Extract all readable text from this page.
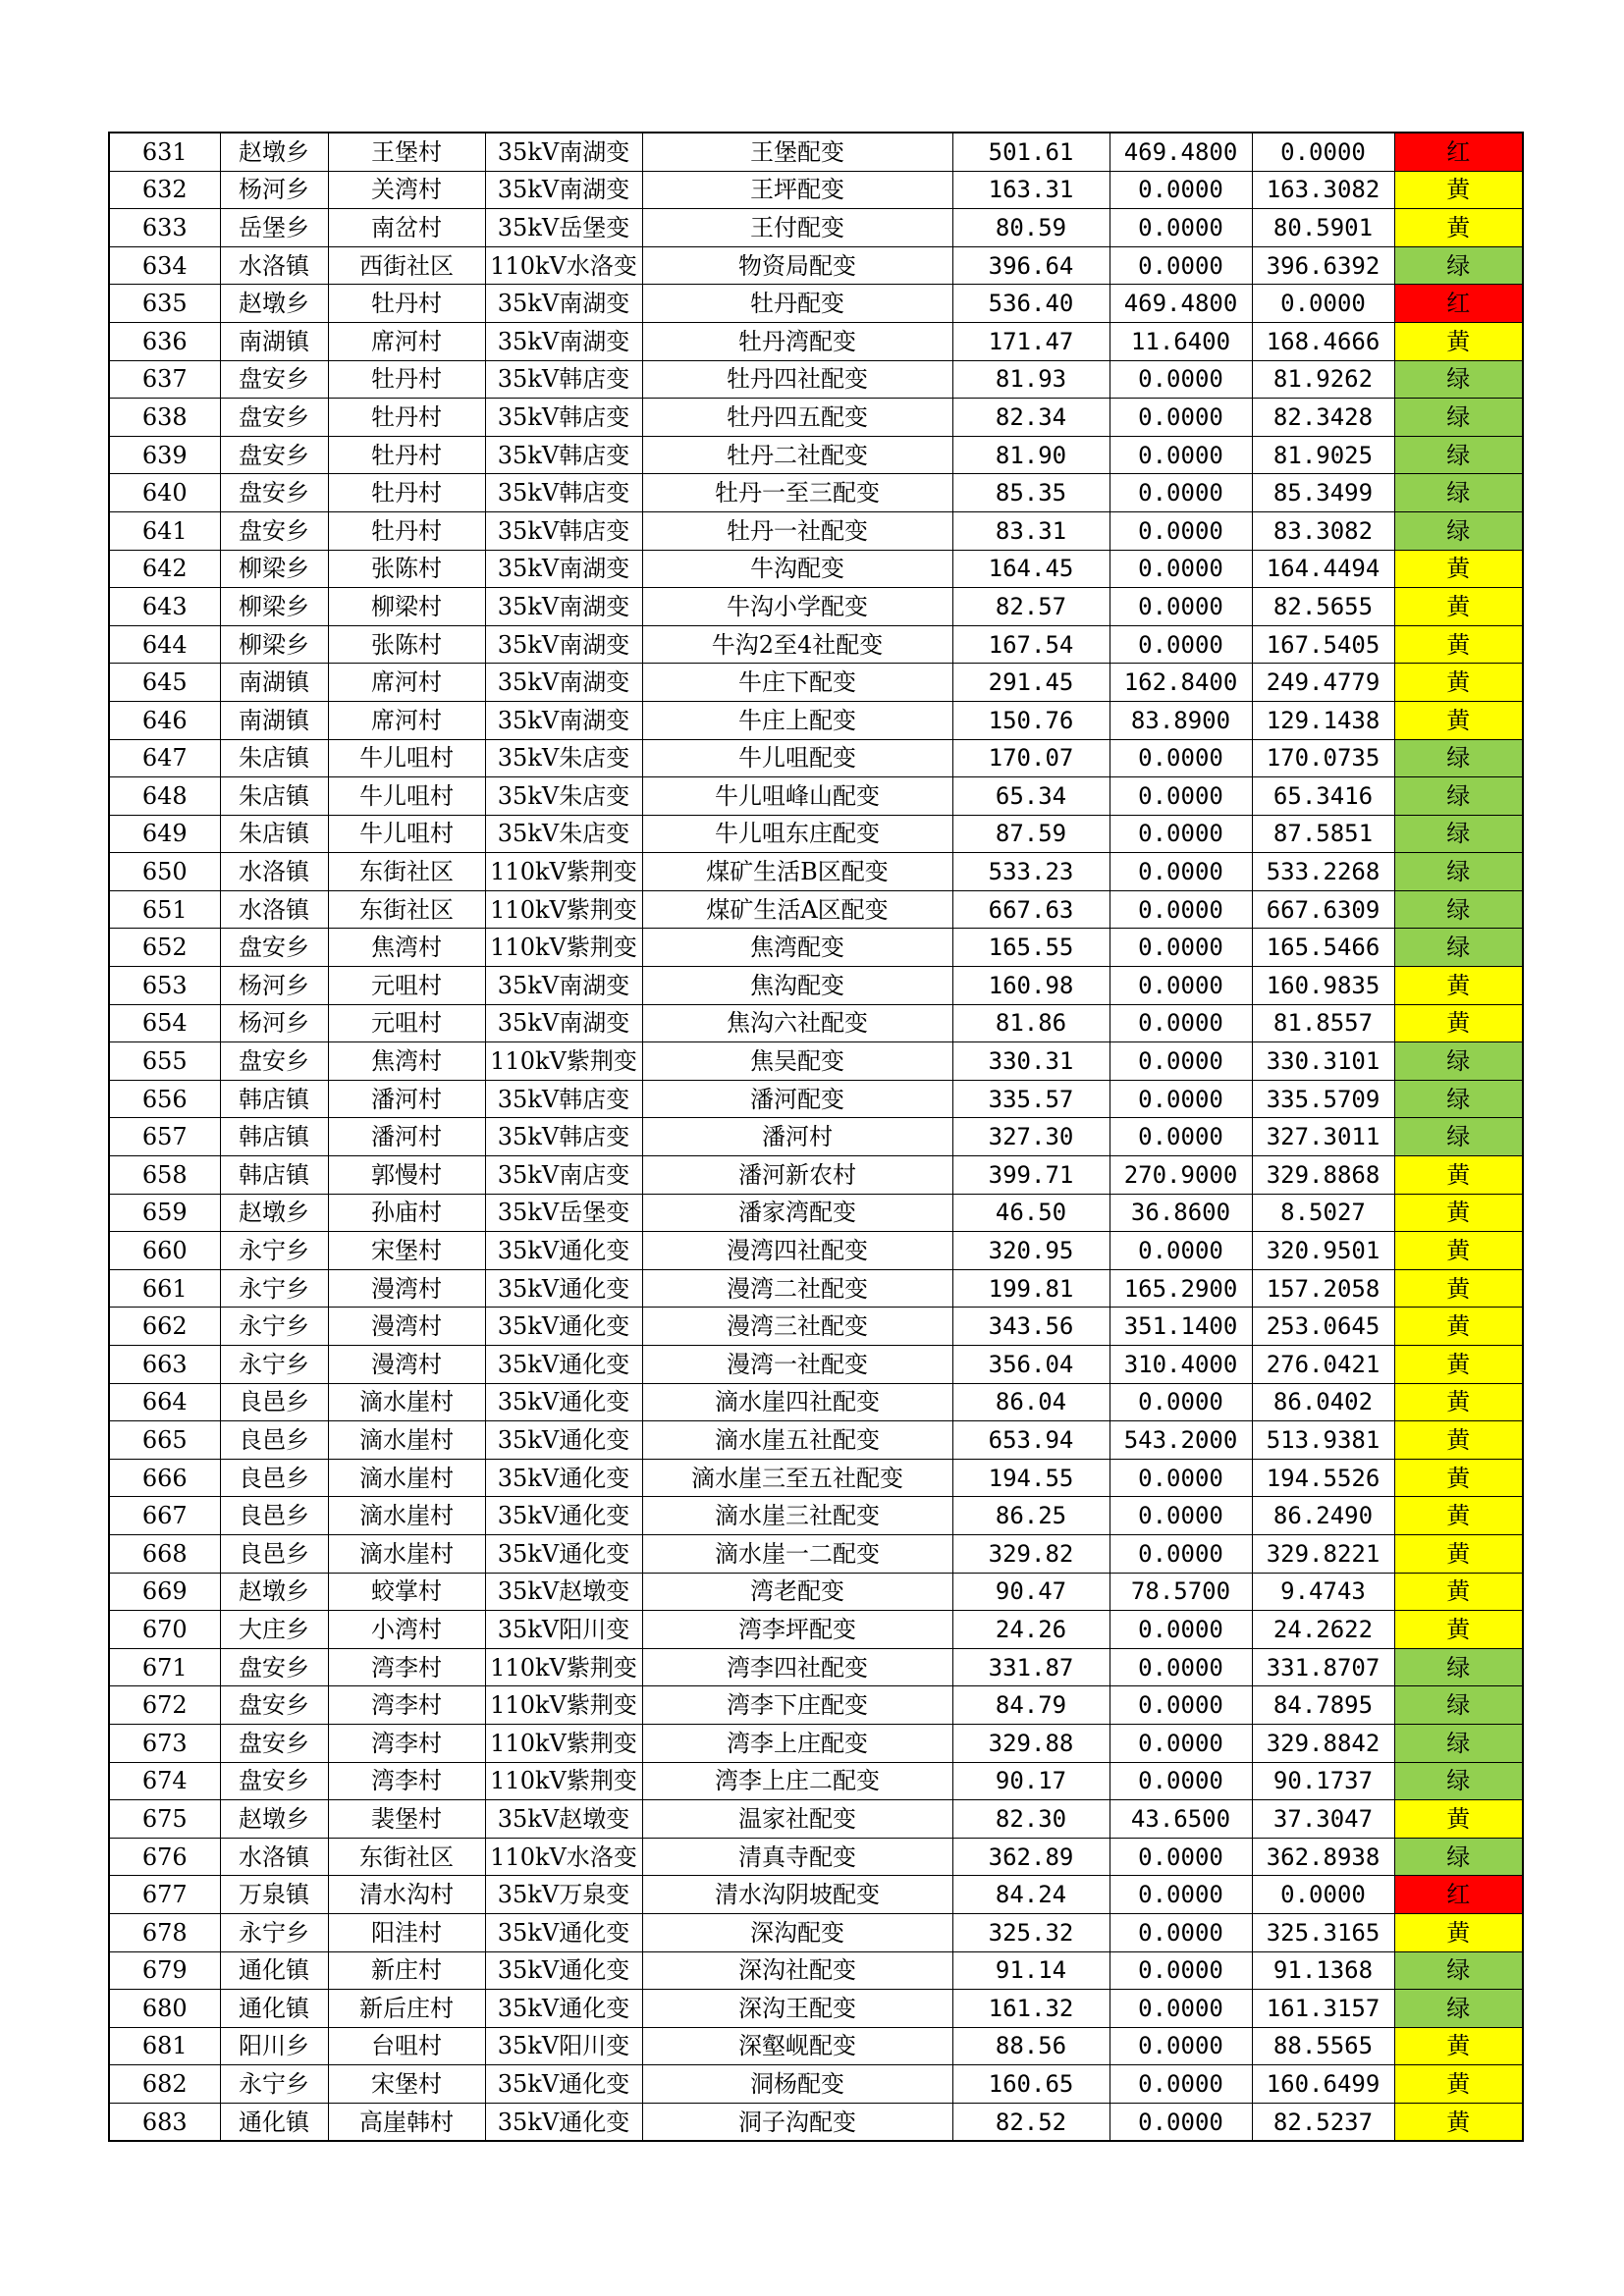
631	赵墩乡	王堡村	35kV南湖变	王堡配变	501.61	469.4800	0.0000	红
632	杨河乡	关湾村	35kV南湖变	王坪配变	163.31	0.0000	163.3082	黄
633	岳堡乡	南岔村	35kV岳堡变	王付配变	80.59	0.0000	80.5901	黄
634	水洛镇	西街社区	110kV水洛变	物资局配变	396.64	0.0000	396.6392	绿
635	赵墩乡	牡丹村	35kV南湖变	牡丹配变	536.40	469.4800	0.0000	红
636	南湖镇	席河村	35kV南湖变	牡丹湾配变	171.47	11.6400	168.4666	黄
637	盘安乡	牡丹村	35kV韩店变	牡丹四社配变	81.93	0.0000	81.9262	绿
638	盘安乡	牡丹村	35kV韩店变	牡丹四五配变	82.34	0.0000	82.3428	绿
639	盘安乡	牡丹村	35kV韩店变	牡丹二社配变	81.90	0.0000	81.9025	绿
640	盘安乡	牡丹村	35kV韩店变	牡丹一至三配变	85.35	0.0000	85.3499	绿
641	盘安乡	牡丹村	35kV韩店变	牡丹一社配变	83.31	0.0000	83.3082	绿
642	柳梁乡	张陈村	35kV南湖变	牛沟配变	164.45	0.0000	164.4494	黄
643	柳梁乡	柳梁村	35kV南湖变	牛沟小学配变	82.57	0.0000	82.5655	黄
644	柳梁乡	张陈村	35kV南湖变	牛沟2至4社配变	167.54	0.0000	167.5405	黄
645	南湖镇	席河村	35kV南湖变	牛庄下配变	291.45	162.8400	249.4779	黄
646	南湖镇	席河村	35kV南湖变	牛庄上配变	150.76	83.8900	129.1438	黄
647	朱店镇	牛儿咀村	35kV朱店变	牛儿咀配变	170.07	0.0000	170.0735	绿
648	朱店镇	牛儿咀村	35kV朱店变	牛儿咀峰山配变	65.34	0.0000	65.3416	绿
649	朱店镇	牛儿咀村	35kV朱店变	牛儿咀东庄配变	87.59	0.0000	87.5851	绿
650	水洛镇	东街社区	110kV紫荆变	煤矿生活B区配变	533.23	0.0000	533.2268	绿
651	水洛镇	东街社区	110kV紫荆变	煤矿生活A区配变	667.63	0.0000	667.6309	绿
652	盘安乡	焦湾村	110kV紫荆变	焦湾配变	165.55	0.0000	165.5466	绿
653	杨河乡	元咀村	35kV南湖变	焦沟配变	160.98	0.0000	160.9835	黄
654	杨河乡	元咀村	35kV南湖变	焦沟六社配变	81.86	0.0000	81.8557	黄
655	盘安乡	焦湾村	110kV紫荆变	焦吴配变	330.31	0.0000	330.3101	绿
656	韩店镇	潘河村	35kV韩店变	潘河配变	335.57	0.0000	335.5709	绿
657	韩店镇	潘河村	35kV韩店变	潘河村	327.30	0.0000	327.3011	绿
658	韩店镇	郭慢村	35kV南店变	潘河新农村	399.71	270.9000	329.8868	黄
659	赵墩乡	孙庙村	35kV岳堡变	潘家湾配变	46.50	36.8600	8.5027	黄
660	永宁乡	宋堡村	35kV通化变	漫湾四社配变	320.95	0.0000	320.9501	黄
661	永宁乡	漫湾村	35kV通化变	漫湾二社配变	199.81	165.2900	157.2058	黄
662	永宁乡	漫湾村	35kV通化变	漫湾三社配变	343.56	351.1400	253.0645	黄
663	永宁乡	漫湾村	35kV通化变	漫湾一社配变	356.04	310.4000	276.0421	黄
664	良邑乡	滴水崖村	35kV通化变	滴水崖四社配变	86.04	0.0000	86.0402	黄
665	良邑乡	滴水崖村	35kV通化变	滴水崖五社配变	653.94	543.2000	513.9381	黄
666	良邑乡	滴水崖村	35kV通化变	滴水崖三至五社配变	194.55	0.0000	194.5526	黄
667	良邑乡	滴水崖村	35kV通化变	滴水崖三社配变	86.25	0.0000	86.2490	黄
668	良邑乡	滴水崖村	35kV通化变	滴水崖一二配变	329.82	0.0000	329.8221	黄
669	赵墩乡	蛟掌村	35kV赵墩变	湾老配变	90.47	78.5700	9.4743	黄
670	大庄乡	小湾村	35kV阳川变	湾李坪配变	24.26	0.0000	24.2622	黄
671	盘安乡	湾李村	110kV紫荆变	湾李四社配变	331.87	0.0000	331.8707	绿
672	盘安乡	湾李村	110kV紫荆变	湾李下庄配变	84.79	0.0000	84.7895	绿
673	盘安乡	湾李村	110kV紫荆变	湾李上庄配变	329.88	0.0000	329.8842	绿
674	盘安乡	湾李村	110kV紫荆变	湾李上庄二配变	90.17	0.0000	90.1737	绿
675	赵墩乡	裴堡村	35kV赵墩变	温家社配变	82.30	43.6500	37.3047	黄
676	水洛镇	东街社区	110kV水洛变	清真寺配变	362.89	0.0000	362.8938	绿
677	万泉镇	清水沟村	35kV万泉变	清水沟阴坡配变	84.24	0.0000	0.0000	红
678	永宁乡	阳洼村	35kV通化变	深沟配变	325.32	0.0000	325.3165	黄
679	通化镇	新庄村	35kV通化变	深沟社配变	91.14	0.0000	91.1368	绿
680	通化镇	新后庄村	35kV通化变	深沟王配变	161.32	0.0000	161.3157	绿
681	阳川乡	台咀村	35kV阳川变	深壑岘配变	88.56	0.0000	88.5565	黄
682	永宁乡	宋堡村	35kV通化变	洞杨配变	160.65	0.0000	160.6499	黄
683	通化镇	高崖韩村	35kV通化变	洞子沟配变	82.52	0.0000	82.5237	黄
